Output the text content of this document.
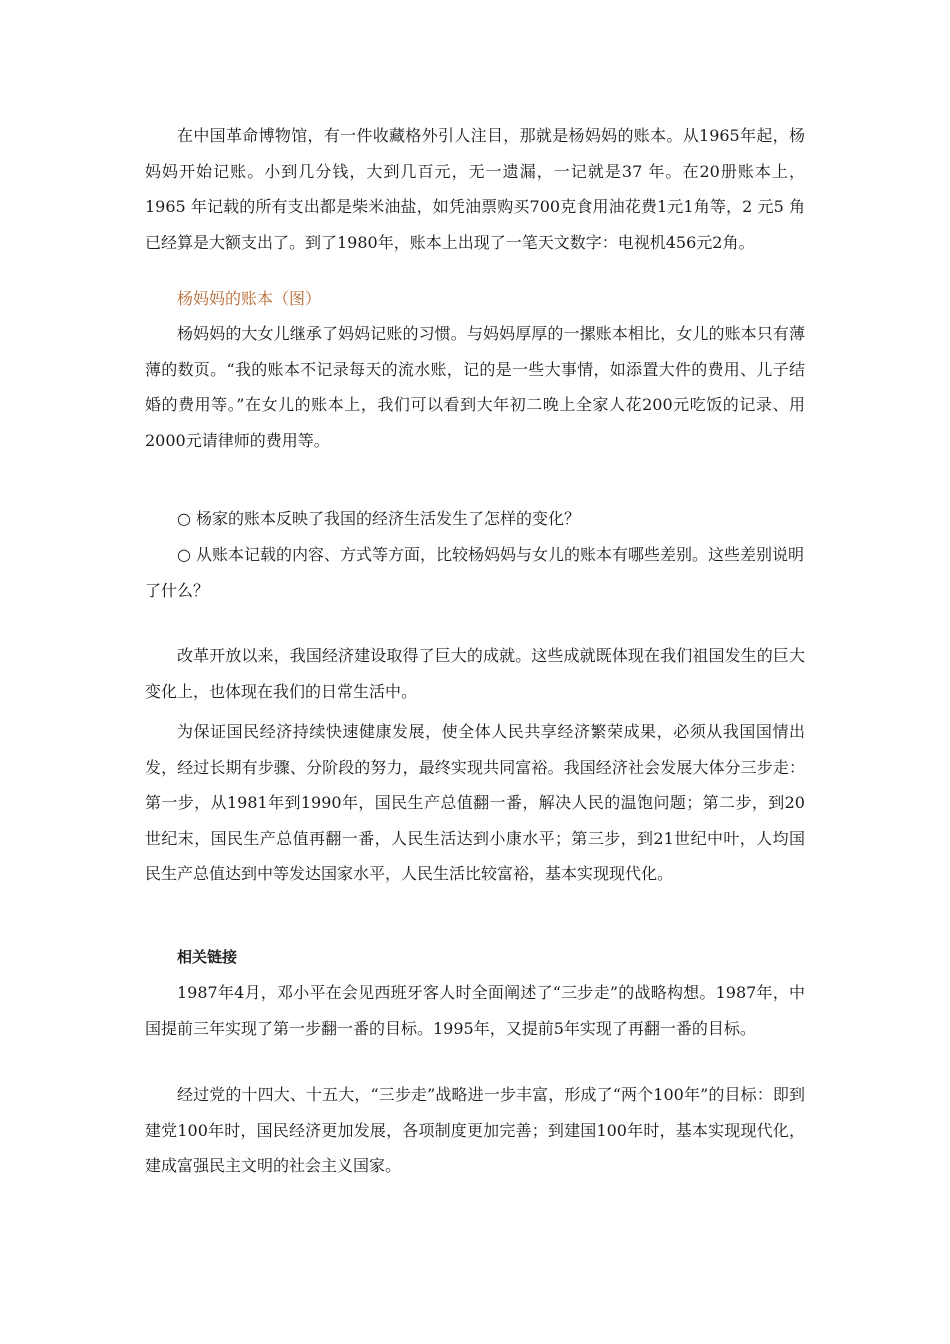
在中国革命博物馆，有一件收藏格外引人注目，那就是杨妈妈的账本。从1965年起，杨妈妈开始记账。小到几分钱，大到几百元，无一遗漏，一记就是37 年。在20册账本上，1965 年记载的所有支出都是柴米油盐，如凭油票购买700克食用油花费1元1角等，2 元5 角已经算是大额支出了。到了1980年，账本上出现了一笔天文数字：电视机456元2角。

杨妈妈的账本（图）

杨妈妈的大女儿继承了妈妈记账的习惯。与妈妈厚厚的一摞账本相比，女儿的账本只有薄薄的数页。“我的账本不记录每天的流水账，记的是一些大事情，如添置大件的费用、儿子结婚的费用等。”在女儿的账本上，我们可以看到大年初二晚上全家人花200元吃饭的记录、用2000元请律师的费用等。

○ 杨家的账本反映了我国的经济生活发生了怎样的变化？

○ 从账本记载的内容、方式等方面，比较杨妈妈与女儿的账本有哪些差别。这些差别说明了什么？

改革开放以来，我国经济建设取得了巨大的成就。这些成就既体现在我们祖国发生的巨大变化上，也体现在我们的日常生活中。

为保证国民经济持续快速健康发展，使全体人民共享经济繁荣成果，必须从我国国情出发，经过长期有步骤、分阶段的努力，最终实现共同富裕。我国经济社会发展大体分三步走：第一步，从1981年到1990年，国民生产总值翻一番，解决人民的温饱问题；第二步，到20世纪末，国民生产总值再翻一番，人民生活达到小康水平；第三步，到21世纪中叶，人均国民生产总值达到中等发达国家水平，人民生活比较富裕，基本实现现代化。

相关链接

1987年4月，邓小平在会见西班牙客人时全面阐述了“三步走”的战略构想。1987年，中国提前三年实现了第一步翻一番的目标。1995年，又提前5年实现了再翻一番的目标。

经过党的十四大、十五大，“三步走”战略进一步丰富，形成了“两个100年”的目标：即到建党100年时，国民经济更加发展，各项制度更加完善；到建国100年时，基本实现现代化，建成富强民主文明的社会主义国家。
